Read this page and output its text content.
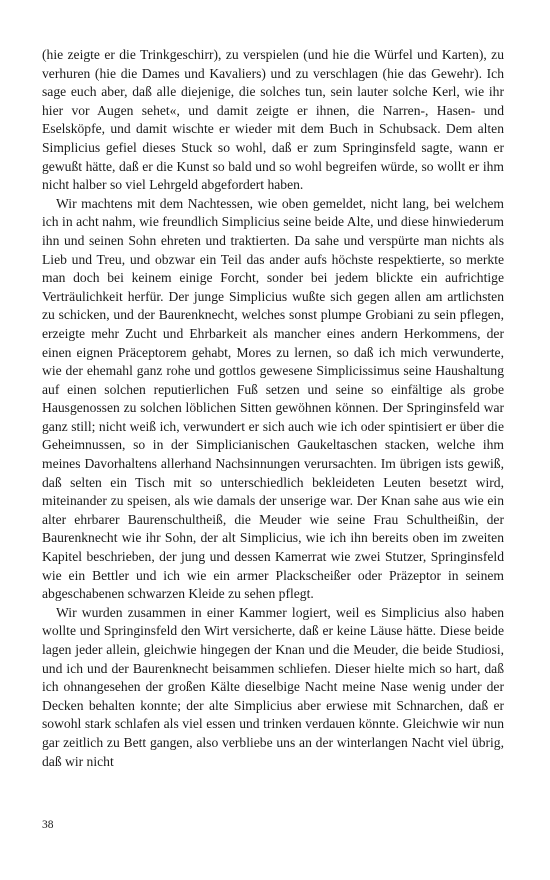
(hie zeigte er die Trinkgeschirr), zu verspielen (und hie die Würfel und Karten), zu verhuren (hie die Dames und Kavaliers) und zu verschlagen (hie das Gewehr). Ich sage euch aber, daß alle diejenige, die solches tun, sein lauter solche Kerl, wie ihr hier vor Augen sehet«, und damit zeigte er ihnen, die Narren-, Hasen- und Eselsköpfe, und damit wischte er wieder mit dem Buch in Schubsack. Dem alten Simplicius gefiel dieses Stuck so wohl, daß er zum Springinsfeld sagte, wann er gewußt hätte, daß er die Kunst so bald und so wohl begreifen würde, so wollt er ihm nicht halber so viel Lehrgeld abgefordert haben.

Wir machtens mit dem Nachtessen, wie oben gemeldet, nicht lang, bei welchem ich in acht nahm, wie freundlich Simplicius seine beide Alte, und diese hinwiederum ihn und seinen Sohn ehreten und traktierten. Da sahe und verspürte man nichts als Lieb und Treu, und obzwar ein Teil das ander aufs höchste respektierte, so merkte man doch bei keinem einige Forcht, sonder bei jedem blickte ein aufrichtige Verträulichkeit herfür. Der junge Simplicius wußte sich gegen allen am artlichsten zu schicken, und der Baurenknecht, welches sonst plumpe Grobiani zu sein pflegen, erzeigte mehr Zucht und Ehrbarkeit als mancher eines andern Herkommens, der einen eignen Präceptorem gehabt, Mores zu lernen, so daß ich mich verwunderte, wie der ehemahl ganz rohe und gottlos gewesene Simplicissimus seine Haushaltung auf einen solchen reputierlichen Fuß setzen und seine so einfältige als grobe Hausgenossen zu solchen löblichen Sitten gewöhnen können. Der Springinsfeld war ganz still; nicht weiß ich, verwundert er sich auch wie ich oder spintisiert er über die Geheimnussen, so in der Simplicianischen Gaukeltaschen stacken, welche ihm meines Davorhaltens allerhand Nachsinnungen verursachten. Im übrigen ists gewiß, daß selten ein Tisch mit so unterschiedlich bekleideten Leuten besetzt wird, miteinander zu speisen, als wie damals der unserige war. Der Knan sahe aus wie ein alter ehrbarer Baurenschultheiß, die Meuder wie seine Frau Schultheißin, der Baurenknecht wie ihr Sohn, der alt Simplicius, wie ich ihn bereits oben im zweiten Kapitel beschrieben, der jung und dessen Kamerrat wie zwei Stutzer, Springinsfeld wie ein Bettler und ich wie ein armer Plackscheißer oder Präzeptor in seinem abgeschabenen schwarzen Kleide zu sehen pflegt.

Wir wurden zusammen in einer Kammer logiert, weil es Simplicius also haben wollte und Springinsfeld den Wirt versicherte, daß er keine Läuse hätte. Diese beide lagen jeder allein, gleichwie hingegen der Knan und die Meuder, die beide Studiosi, und ich und der Baurenknecht beisammen schliefen. Dieser hielte mich so hart, daß ich ohnangesehen der großen Kälte dieselbige Nacht meine Nase wenig under der Decken behalten konnte; der alte Simplicius aber erwiese mit Schnarchen, daß er sowohl stark schlafen als viel essen und trinken verdauen könnte. Gleichwie wir nun gar zeitlich zu Bett gangen, also verbliebe uns an der winterlangen Nacht viel übrig, daß wir nicht

38
